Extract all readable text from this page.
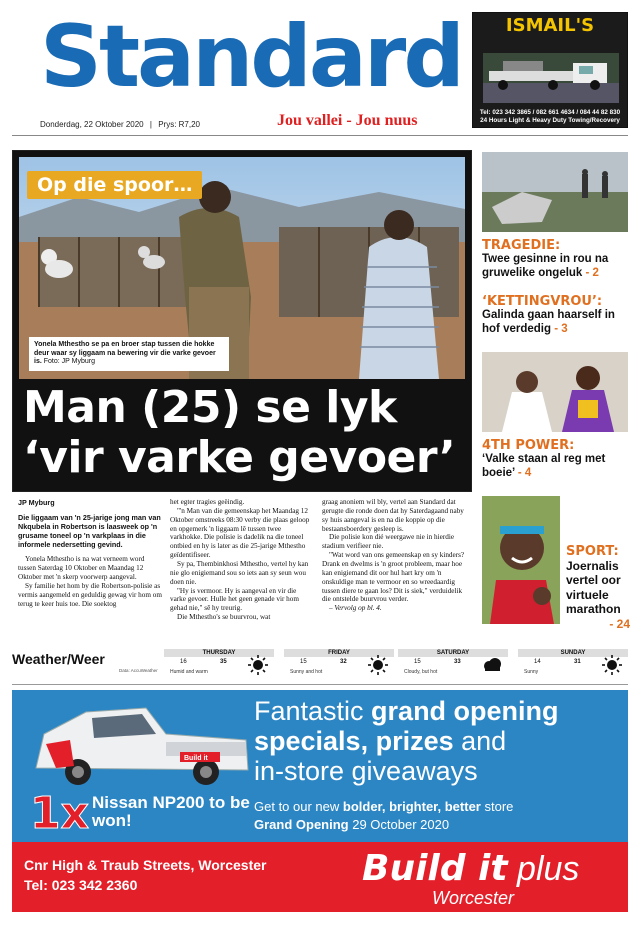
Standard
Donderdag, 22 Oktober 2020 | Prys: R7,20	Jou vallei - Jou nuus
ISMAIL'S
Tel: 023 342 3865 / 082 661 4634 / 084 44 82 830
24 Hours Light & Heavy Duty Towing/Recovery
Op die spoor…
Yonela Mthestho se pa en broer stap tussen die hokke deur waar sy liggaam na bewering vir die varke gevoer is. Foto: JP Myburg
Man (25) se lyk
‘vir varke gevoer’
JP Myburg

Die liggaam van 'n 25-jarige jong man van Nkqubela in Robertson is laasweek op 'n grusame toneel op 'n varkplaas in die informele nedersetting gevind.

Yonela Mthestho is na wat verneem word tussen Saterdag 10 Oktober en Maandag 12 Oktober met 'n skerp voorwerp aangeval.

Sy familie het hom by die Robertson-polisie as vermis aangemeld en geduldig gewag vir hom om terug te keer huis toe. Die soektog

het egter tragies geëindig.

"'n Man van die gemeenskap het Maandag 12 Oktober omstreeks 08:30 verby die plaas geloop en opgemerk 'n liggaam lê tussen twee varkhokke. Die polisie is dadelik na die toneel ontbied en hy is later as die 25-jarige Mthestho geïdentifiseer.

Sy pa, Thembinkhosi Mthestho, vertel hy kan nie glo enigiemand sou so iets aan sy seun wou doen nie.

"Hy is vermoor. Hy is aangeval en vir die varke gevoer. Hulle het geen genade vir hom gehad nie," sê hy treurig.

Die Mthestho's se buurvrou, wat

graag anoniem wil bly, vertel aan Standard dat gerugte die ronde doen dat hy Saterdagaand naby sy huis aangeval is en na die koppie op die bestaansboerdery gesleep is.

Die polisie kon dié weergawe nie in hierdie stadium verifieer nie.

"Wat word van ons gemeenskap en sy kinders? Drank en dwelms is 'n groot probleem, maar hoe kan enigiemand dit oor hul hart kry om 'n onskuldige man te vermoor en so wreedaardig tussen diere te gaan los? Dit is siek," verduidelik die ontstelde buurvrou verder.

– Vervolg op bl. 4.

TRAGEDIE:
Twee gesinne in rou na gruwelike ongeluk - 2
‘KETTINGVROU’:
Galinda gaan haarself in hof verdedig - 3
4TH POWER:
‘Valke staan al reg met boeie’ - 4
SPORT:
Joernalis vertel oor virtuele marathon
- 24
Weather/Weer
Data: AccuWeather
THURSDAY
16	35
Humid and warm
FRIDAY
15	32
Sunny and hot
SATURDAY
15	33
Cloudy, but hot
SUNDAY
14	31
Sunny
Build it
Fantastic grand opening
specials, prizes and
in-store giveaways
Get to our new bolder, brighter, better store
Grand Opening 29 October 2020
1x Nissan NP200 to be won!
Cnr High & Traub Streets, Worcester
Tel: 023 342 2360	Build it plus
Worcester
